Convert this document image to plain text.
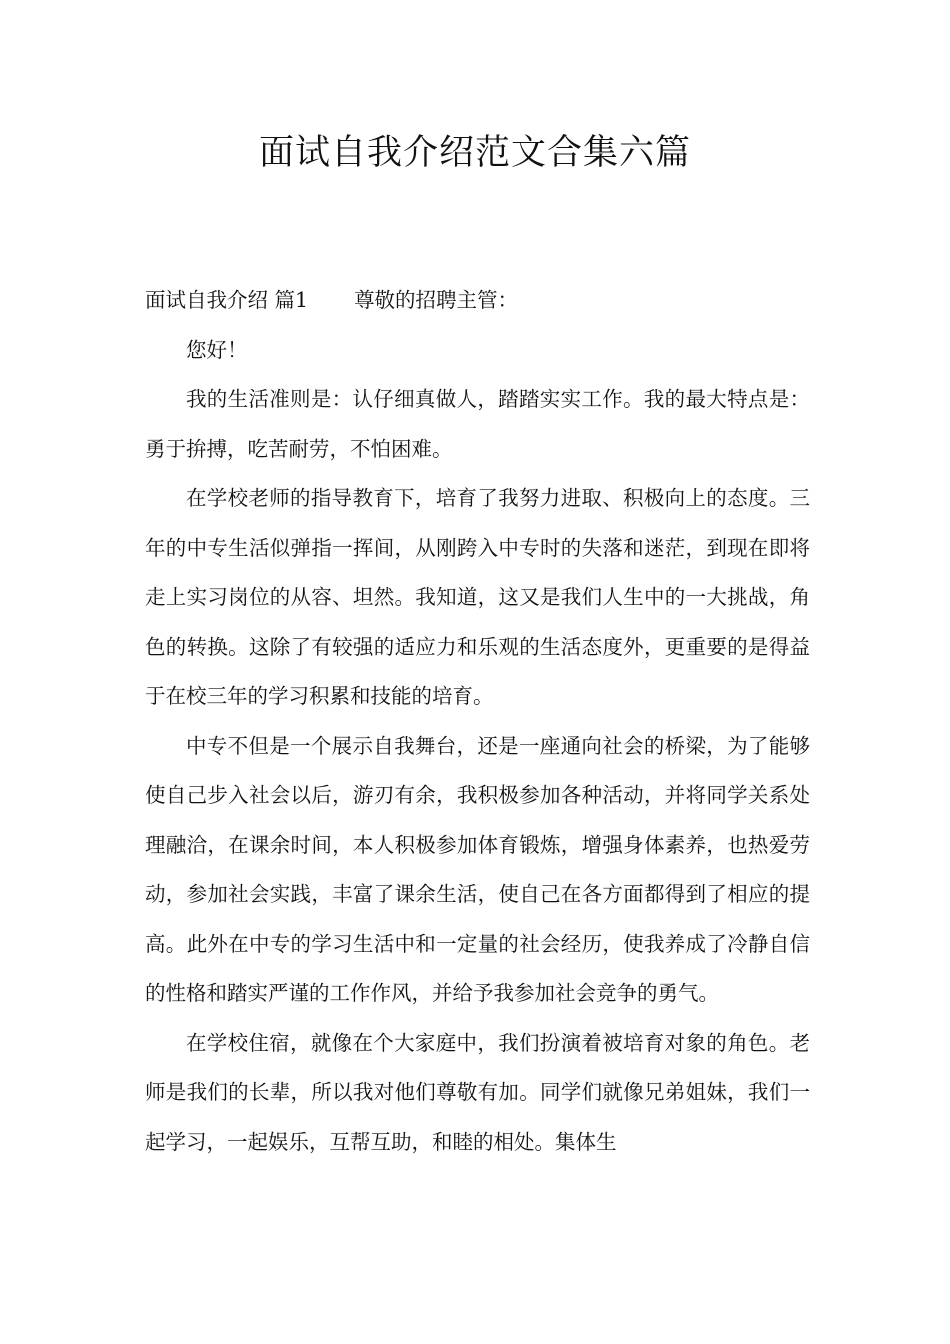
面试自我介绍范文合集六篇

面试自我介绍 篇1 尊敬的招聘主管：

您好！

我的生活准则是：认仔细真做人，踏踏实实工作。我的最大特点是：勇于拚搏，吃苦耐劳，不怕困难。

在学校老师的指导教育下，培育了我努力进取、积极向上的态度。三年的中专生活似弹指一挥间，从刚跨入中专时的失落和迷茫，到现在即将走上实习岗位的从容、坦然。我知道，这又是我们人生中的一大挑战，角色的转换。这除了有较强的适应力和乐观的生活态度外，更重要的是得益于在校三年的学习积累和技能的培育。

中专不但是一个展示自我舞台，还是一座通向社会的桥梁，为了能够使自己步入社会以后，游刃有余，我积极参加各种活动，并将同学关系处理融洽，在课余时间，本人积极参加体育锻炼，增强身体素养，也热爱劳动，参加社会实践，丰富了课余生活，使自己在各方面都得到了相应的提高。此外在中专的学习生活中和一定量的社会经历，使我养成了冷静自信的性格和踏实严谨的工作作风，并给予我参加社会竞争的勇气。

在学校住宿，就像在个大家庭中，我们扮演着被培育对象的角色。老师是我们的长辈，所以我对他们尊敬有加。同学们就像兄弟姐妹，我们一起学习，一起娱乐，互帮互助，和睦的相处。集体生
